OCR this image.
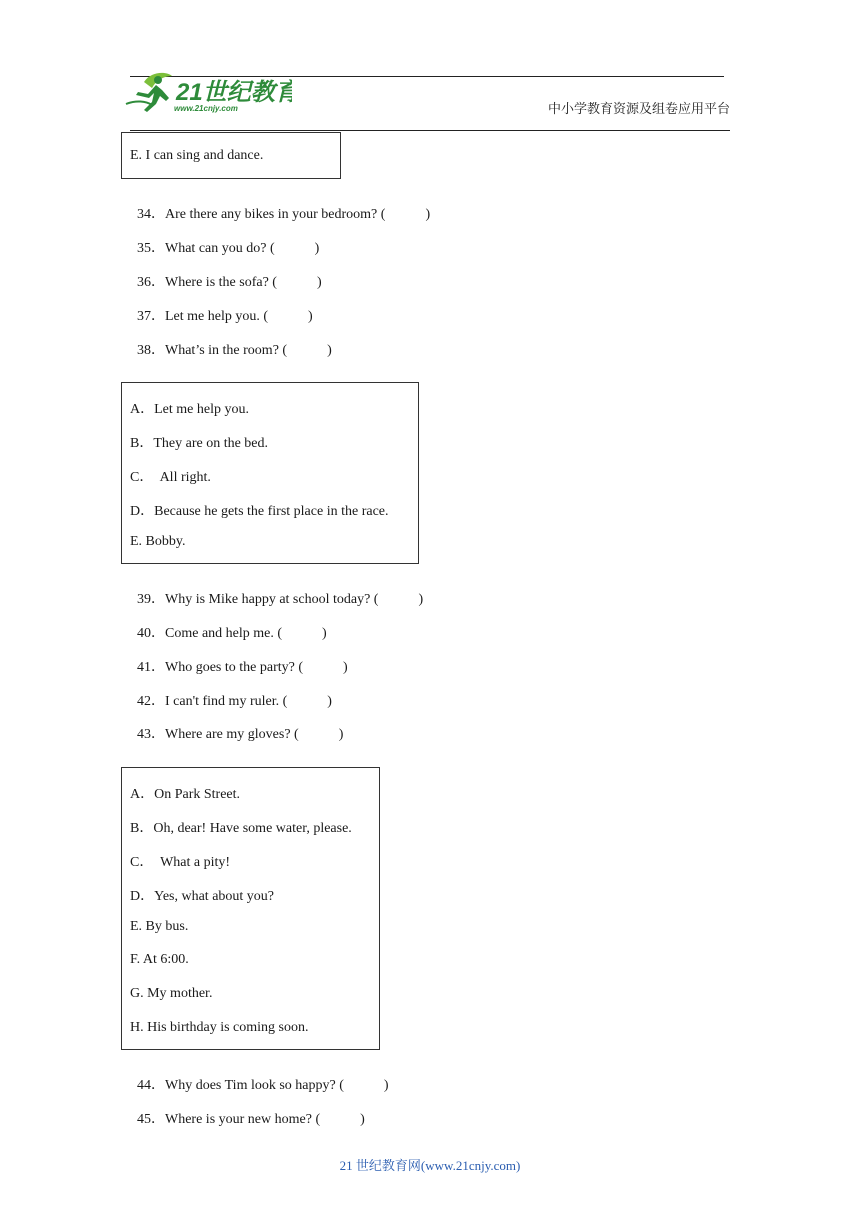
21世纪教育
www.21cnjy.com	中小学教育资源及组卷应用平台
E. I can sing and dance.

34．Are there any bikes in your bedroom? (	)

35．What can you do? (	)

36．Where is the sofa? (	)

37．Let me help you. (	)

38．What’s in the room? (	)

A．Let me help you.
B．They are on the bed.
C．  All right.
D．Because he gets the first place in the race.
E. Bobby.

39．Why is Mike happy at school today? (	)

40．Come and help me. (	)

41．Who goes to the party? (	)

42．I can't find my ruler. (	)

43．Where are my gloves? (	)

A．On Park Street.
B．Oh, dear! Have some water, please.
C．  What a pity!
D．Yes, what about you?
E. By bus.
F. At 6:00.
G. My mother.
H. His birthday is coming soon.

44．Why does Tim look so happy? (	)

45．Where is your new home? (	)

21 世纪教育网(www.21cnjy.com)
